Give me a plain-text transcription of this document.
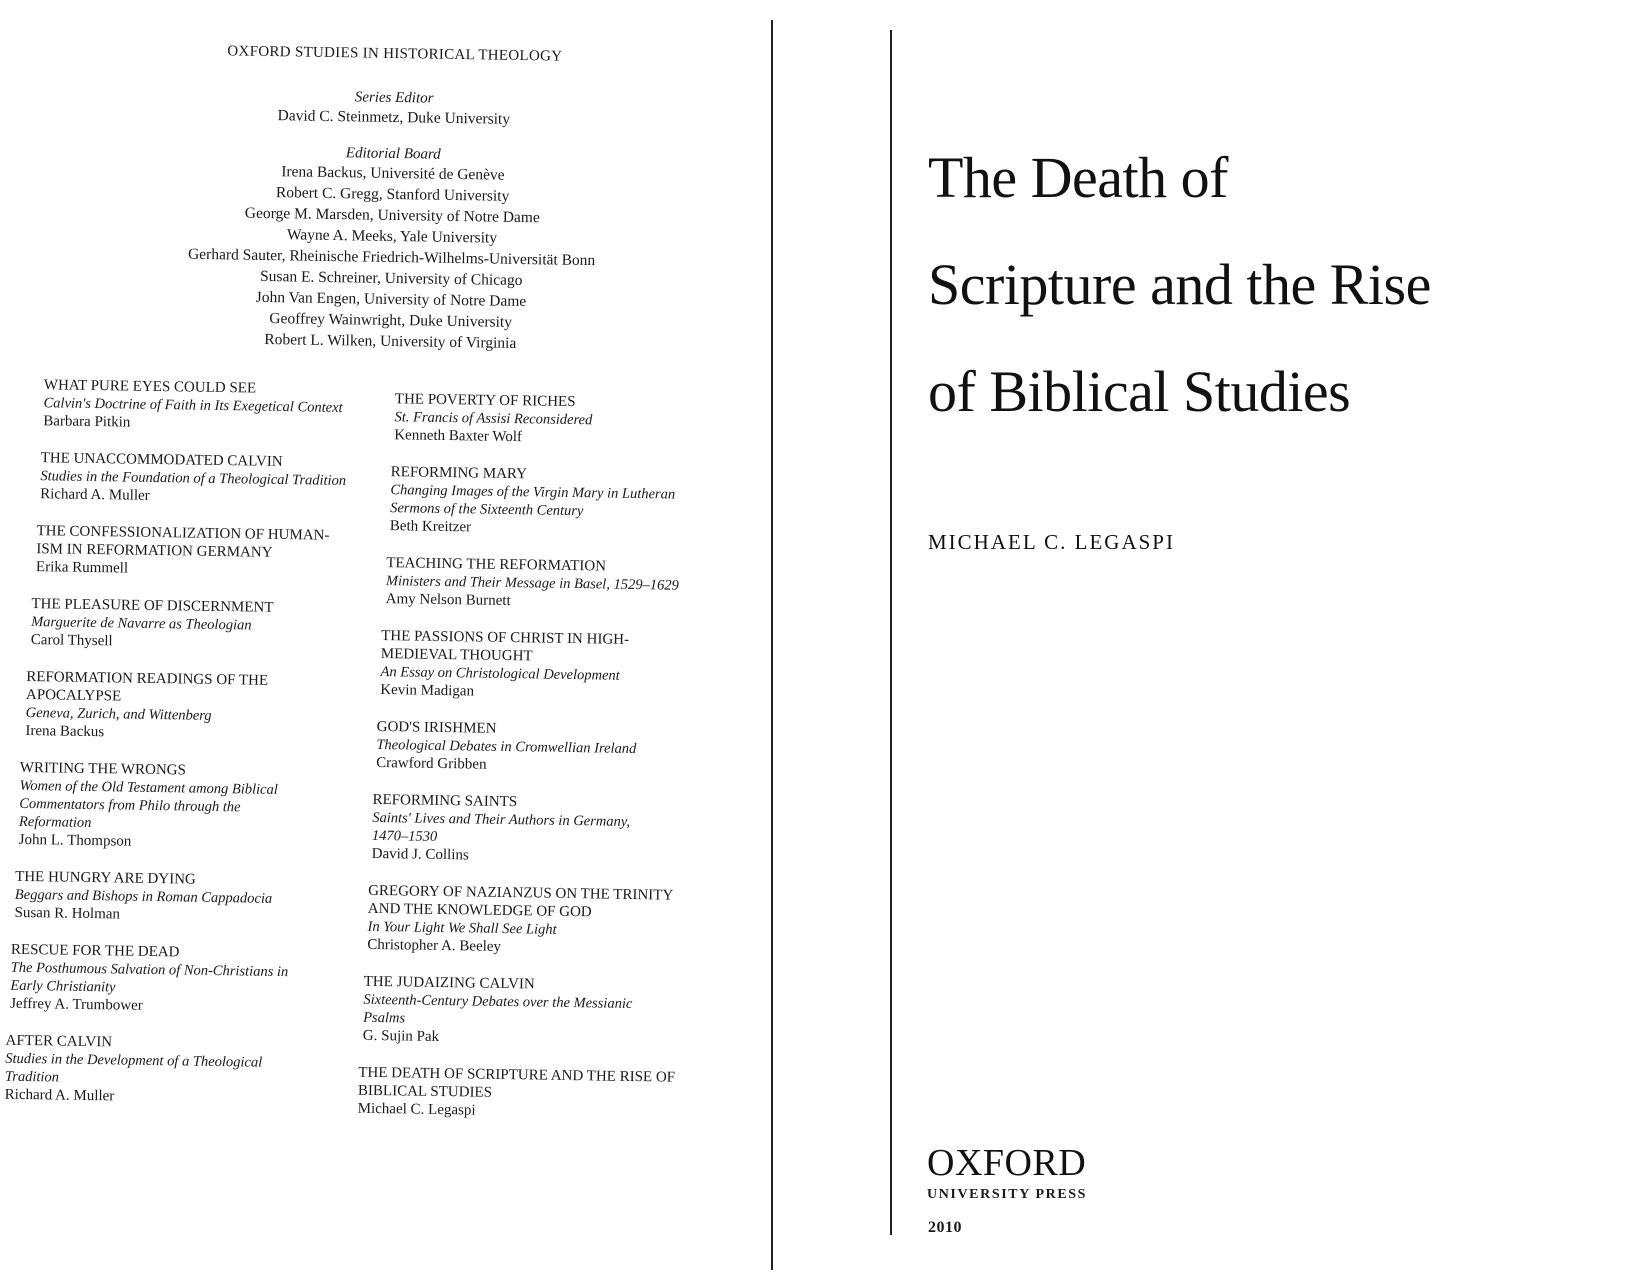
OXFORD STUDIES IN HISTORICAL THEOLOGY
Series Editor
David C. Steinmetz, Duke University
Editorial Board
Irena Backus, Université de Genève
Robert C. Gregg, Stanford University
George M. Marsden, University of Notre Dame
Wayne A. Meeks, Yale University
Gerhard Sauter, Rheinische Friedrich-Wilhelms-Universität Bonn
Susan E. Schreiner, University of Chicago
John Van Engen, University of Notre Dame
Geoffrey Wainwright, Duke University
Robert L. Wilken, University of Virginia
WHAT PURE EYES COULD SEE
Calvin's Doctrine of Faith in Its Exegetical Context
Barbara Pitkin
THE UNACCOMMODATED CALVIN
Studies in the Foundation of a Theological Tradition
Richard A. Muller
THE CONFESSIONALIZATION OF HUMAN-ISM IN REFORMATION GERMANY
Erika Rummell
THE PLEASURE OF DISCERNMENT
Marguerite de Navarre as Theologian
Carol Thysell
REFORMATION READINGS OF THE APOCALYPSE
Geneva, Zurich, and Wittenberg
Irena Backus
WRITING THE WRONGS
Women of the Old Testament among Biblical Commentators from Philo through the Reformation
John L. Thompson
THE HUNGRY ARE DYING
Beggars and Bishops in Roman Cappadocia
Susan R. Holman
RESCUE FOR THE DEAD
The Posthumous Salvation of Non-Christians in Early Christianity
Jeffrey A. Trumbower
AFTER CALVIN
Studies in the Development of a Theological Tradition
Richard A. Muller
THE POVERTY OF RICHES
St. Francis of Assisi Reconsidered
Kenneth Baxter Wolf
REFORMING MARY
Changing Images of the Virgin Mary in Lutheran Sermons of the Sixteenth Century
Beth Kreitzer
TEACHING THE REFORMATION
Ministers and Their Message in Basel, 1529–1629
Amy Nelson Burnett
THE PASSIONS OF CHRIST IN HIGH-MEDIEVAL THOUGHT
An Essay on Christological Development
Kevin Madigan
GOD'S IRISHMEN
Theological Debates in Cromwellian Ireland
Crawford Gribben
REFORMING SAINTS
Saints' Lives and Their Authors in Germany, 1470–1530
David J. Collins
GREGORY OF NAZIANZUS ON THE TRINITY AND THE KNOWLEDGE OF GOD
In Your Light We Shall See Light
Christopher A. Beeley
THE JUDAIZING CALVIN
Sixteenth-Century Debates over the Messianic Psalms
G. Sujin Pak
THE DEATH OF SCRIPTURE AND THE RISE OF BIBLICAL STUDIES
Michael C. Legaspi
The Death of
Scripture and the Rise
of Biblical Studies
MICHAEL C. LEGASPI
OXFORD
UNIVERSITY PRESS
2010
